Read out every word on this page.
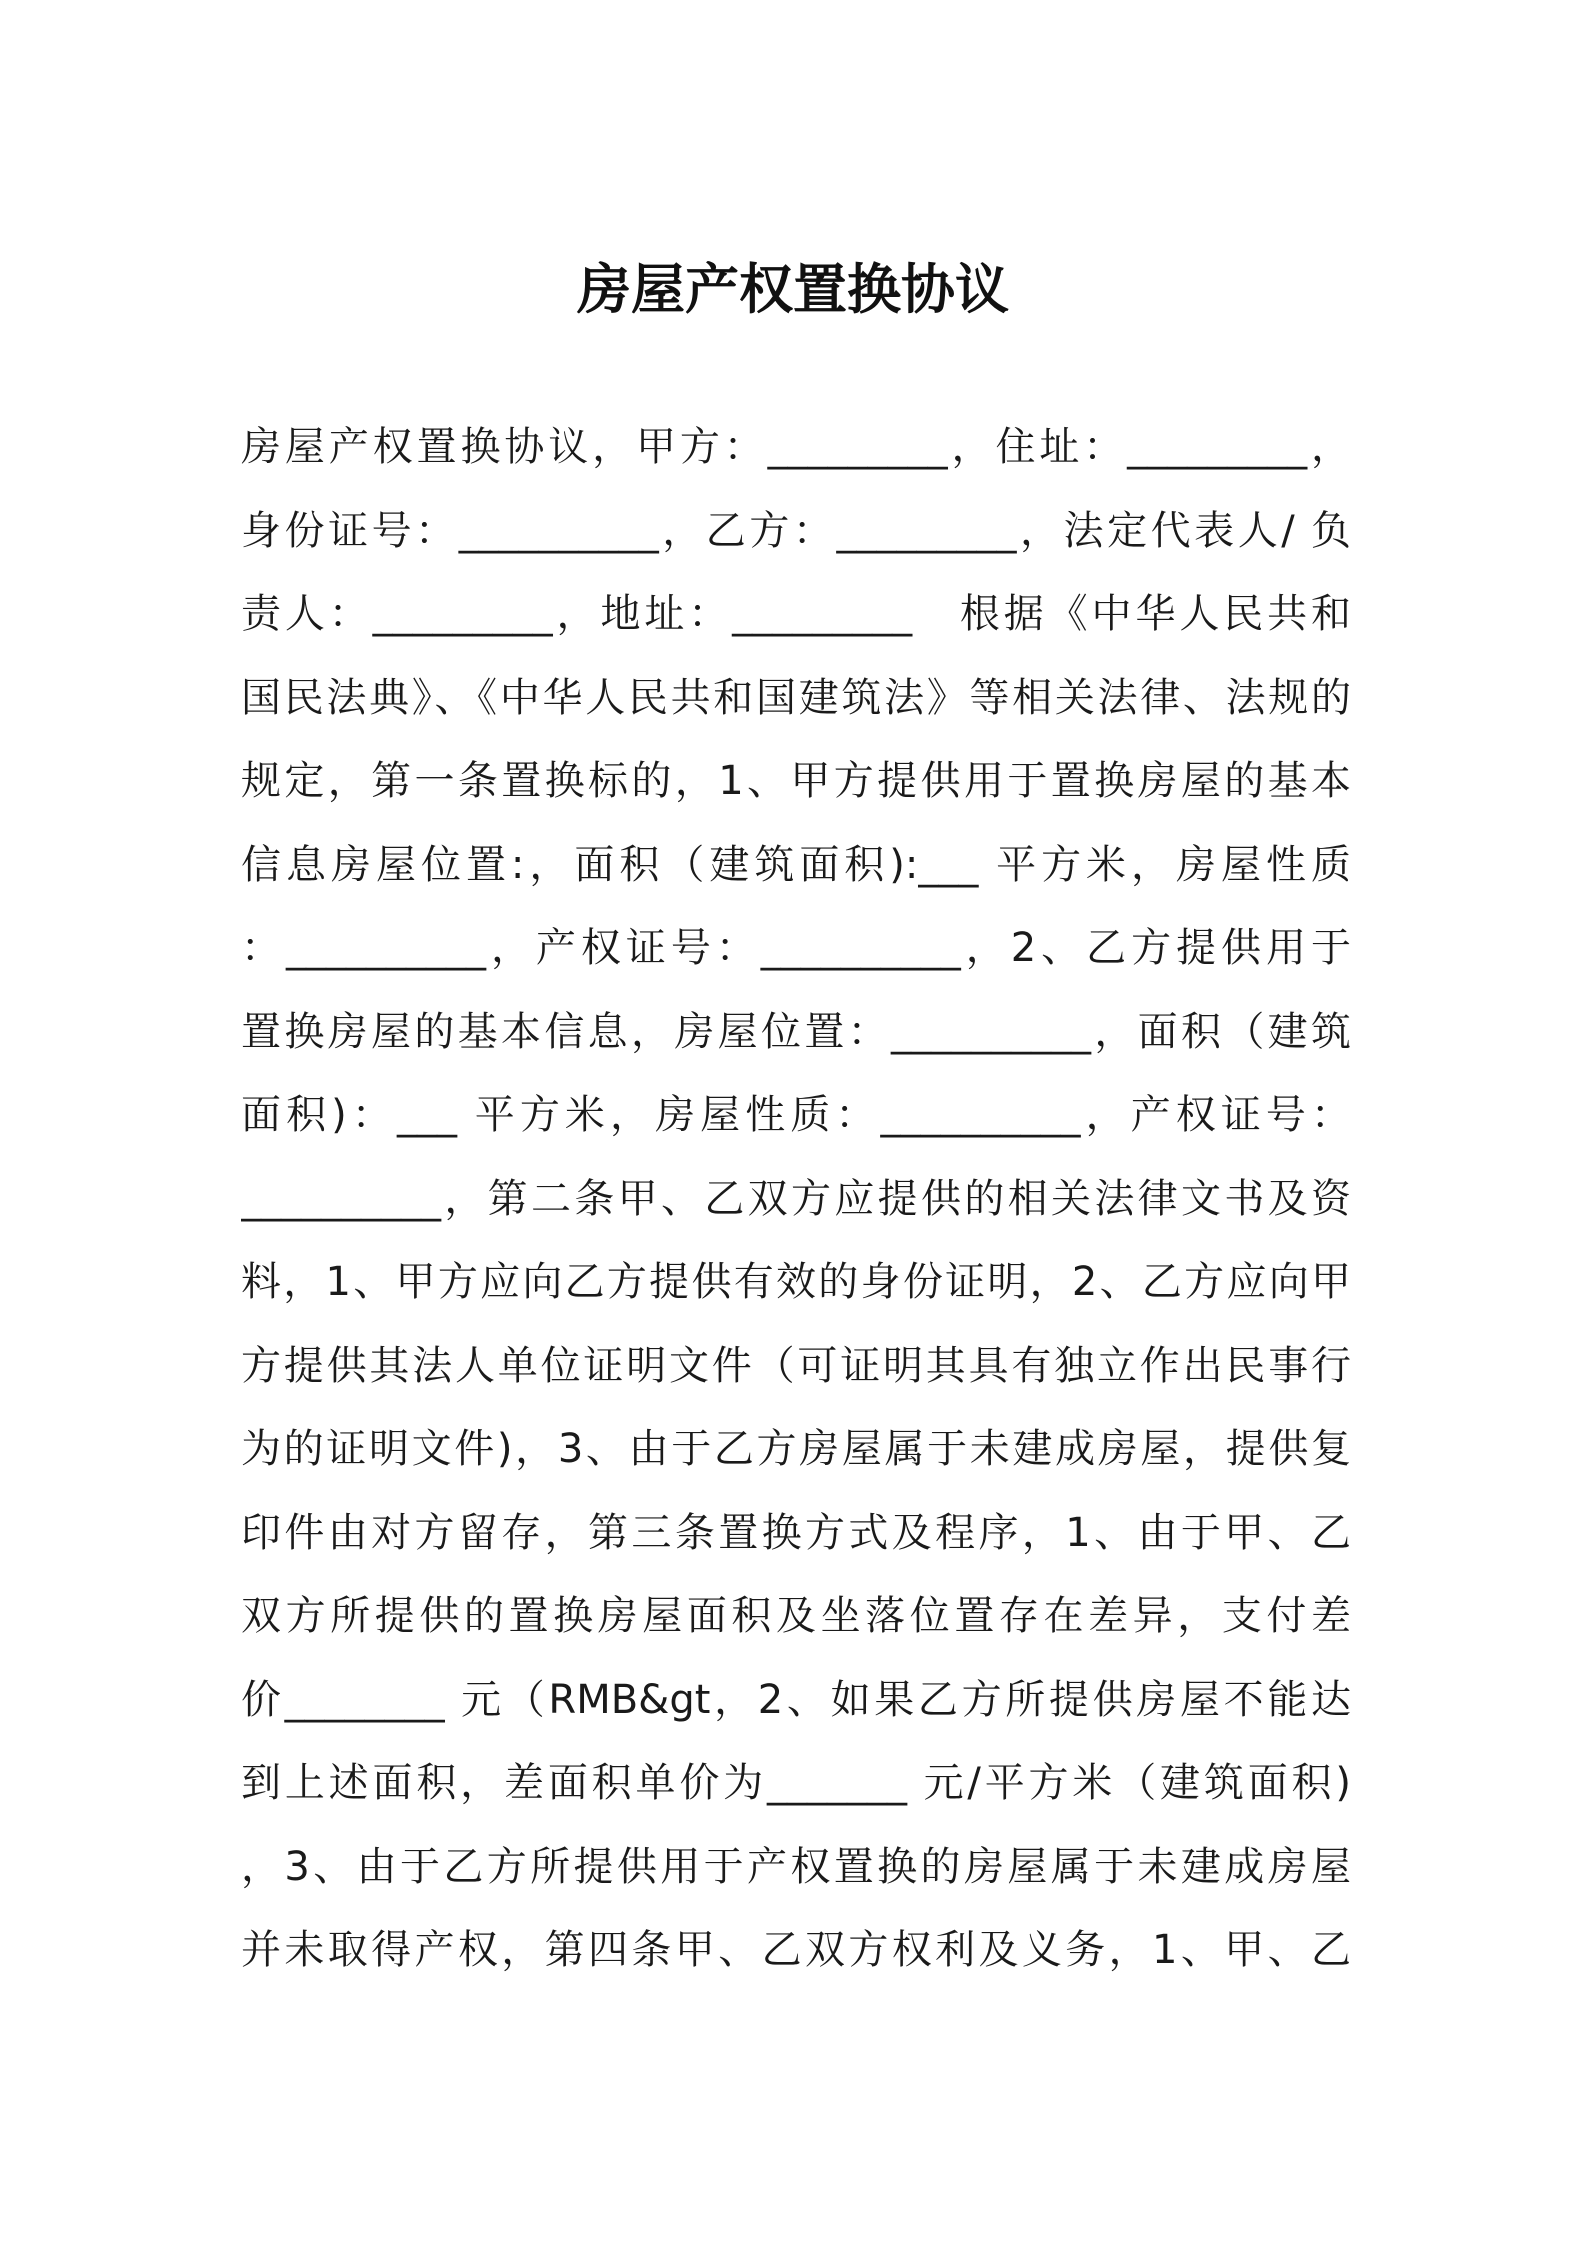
房屋产权置换协议
房屋产权置换协议，甲方：_________，住址：_________，
身份证号：__________，乙方：_________，法定代表人/ 负
责人：_________，地址：_________　根据《中华人民共和
国民法典》、《中华人民共和国建筑法》等相关法律、法规的
规定，第一条置换标的，1、甲方提供用于置换房屋的基本
信息房屋位置:，面积（建筑面积):___ 平方米，房屋性质
：__________，产权证号：__________，2、乙方提供用于
置换房屋的基本信息，房屋位置：__________，面积（建筑
面积)：___ 平方米，房屋性质：__________，产权证号：
__________，第二条甲、乙双方应提供的相关法律文书及资
料，1、甲方应向乙方提供有效的身份证明，2、乙方应向甲
方提供其法人单位证明文件（可证明其具有独立作出民事行
为的证明文件)，3、由于乙方房屋属于未建成房屋，提供复
印件由对方留存，第三条置换方式及程序，1、由于甲、乙
双方所提供的置换房屋面积及坐落位置存在差异，支付差
价________ 元（RMB&gt，2、如果乙方所提供房屋不能达
到上述面积，差面积单价为_______ 元/平方米（建筑面积)
，3、由于乙方所提供用于产权置换的房屋属于未建成房屋
并未取得产权，第四条甲、乙双方权利及义务，1、甲、乙
